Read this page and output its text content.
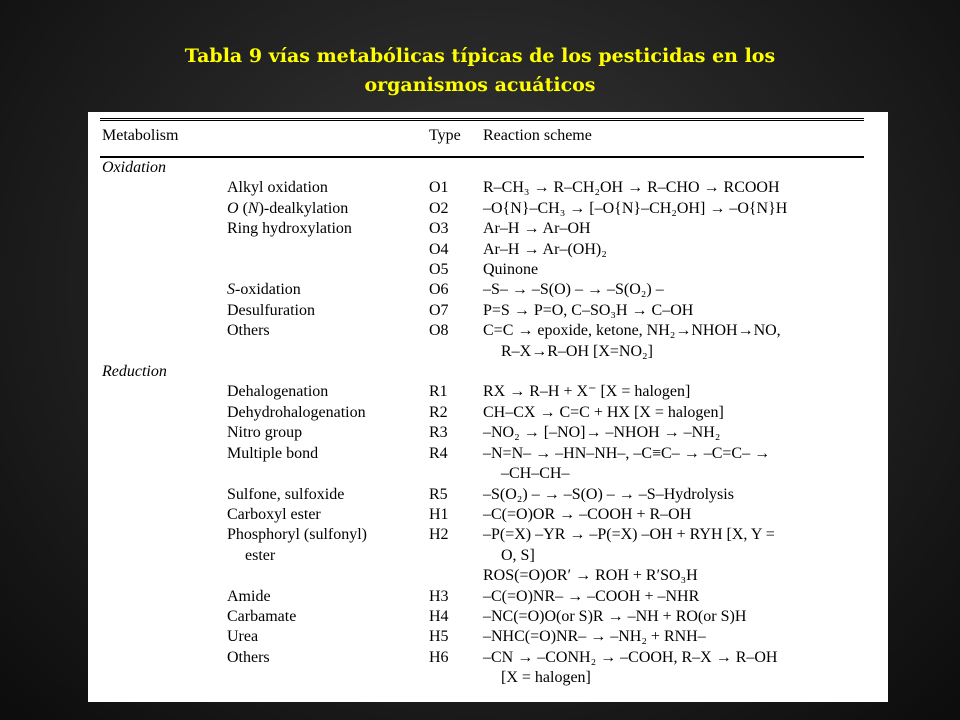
Tabla 9 vías metabólicas típicas de los pesticidas en los
organismos acuáticos
Metabolism		Type	Reaction scheme
Oxidation			
	Alkyl oxidation	O1	R–CH₃ → R–CH₂OH → R–CHO → RCOOH
	O (N)-dealkylation	O2	–O{N}–CH₃ → [–O{N}–CH₂OH] → –O{N}H
	Ring hydroxylation	O3	Ar–H → Ar–OH
		O4	Ar–H → Ar–(OH)₂
		O5	Quinone
	S-oxidation	O6	–S– → –S(O) – → –S(O₂) –
	Desulfuration	O7	P=S → P=O, C–SO₃H → C–OH
	Others	O8	C=C → epoxide, ketone, NH₂→NHOH→NO,
			R–X→R–OH [X=NO₂]
Reduction			
	Dehalogenation	R1	RX → R–H + X⁻ [X = halogen]
	Dehydrohalogenation	R2	CH–CX → C=C + HX [X = halogen]
	Nitro group	R3	–NO₂ → [–NO]→ –NHOH → –NH₂
	Multiple bond	R4	–N=N– → –HN–NH–, –C≡C– → –C=C– →
			–CH–CH–
	Sulfone, sulfoxide	R5	–S(O₂) – → –S(O) – → –S–Hydrolysis
	Carboxyl ester	H1	–C(=O)OR → –COOH + R–OH
	Phosphoryl (sulfonyl)	H2	–P(=X) –YR → –P(=X) –OH + RYH [X, Y =
	ester		O, S]
			ROS(=O)OR′ → ROH + R′SO₃H
	Amide	H3	–C(=O)NR– → –COOH + –NHR
	Carbamate	H4	–NC(=O)O(or S)R → –NH + RO(or S)H
	Urea	H5	–NHC(=O)NR– → –NH₂ + RNH–
	Others	H6	–CN → –CONH₂ → –COOH, R–X → R–OH
			[X = halogen]
